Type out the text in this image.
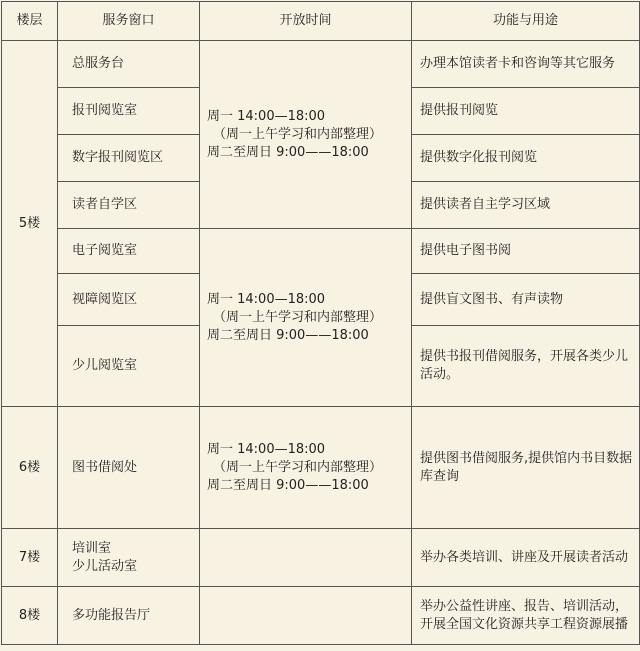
楼层	服务窗口	开放时间	功能与用途
5楼	总服务台	周一 14:00—18:00
（周一上午学习和内部整理）
周二至周日 9:00——18:00	办理本馆读者卡和咨询等其它服务
	报刊阅览室		提供报刊阅览
	数字报刊阅览区		提供数字化报刊阅览
	读者自学区		提供读者自主学习区域
	电子阅览室	周一 14:00—18:00
（周一上午学习和内部整理）
周二至周日 9:00——18:00	提供电子图书阅
	视障阅览区		提供盲文图书、有声读物
	少儿阅览室		提供书报刊借阅服务，开展各类少儿活动。

6楼	图书借阅处	周一 14:00—18:00
（周一上午学习和内部整理）
周二至周日 9:00——18:00	提供图书借阅服务,提供馆内书目数据库查询

7楼	培训室
少儿活动室		举办各类培训、讲座及开展读者活动
8楼	多功能报告厅		举办公益性讲座、报告、培训活动，开展全国文化资源共享工程资源展播
